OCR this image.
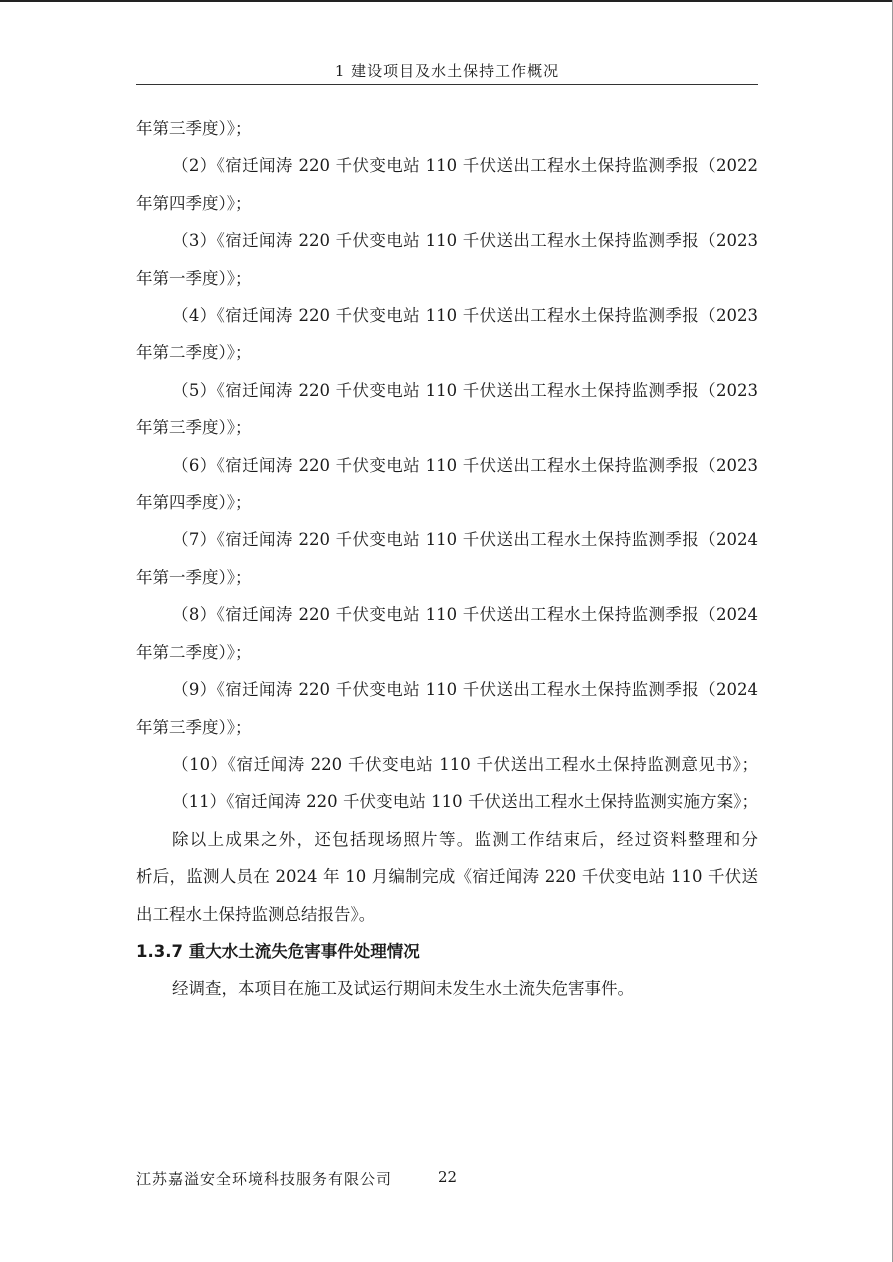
1 建设项目及水土保持工作概况
年第三季度）》；
（2）《宿迁闻涛 220 千伏变电站 110 千伏送出工程水土保持监测季报（2022
年第四季度）》；
（3）《宿迁闻涛 220 千伏变电站 110 千伏送出工程水土保持监测季报（2023
年第一季度）》；
（4）《宿迁闻涛 220 千伏变电站 110 千伏送出工程水土保持监测季报（2023
年第二季度）》；
（5）《宿迁闻涛 220 千伏变电站 110 千伏送出工程水土保持监测季报（2023
年第三季度）》；
（6）《宿迁闻涛 220 千伏变电站 110 千伏送出工程水土保持监测季报（2023
年第四季度）》；
（7）《宿迁闻涛 220 千伏变电站 110 千伏送出工程水土保持监测季报（2024
年第一季度）》；
（8）《宿迁闻涛 220 千伏变电站 110 千伏送出工程水土保持监测季报（2024
年第二季度）》；
（9）《宿迁闻涛 220 千伏变电站 110 千伏送出工程水土保持监测季报（2024
年第三季度）》；
（10）《宿迁闻涛 220 千伏变电站 110 千伏送出工程水土保持监测意见书》；
（11）《宿迁闻涛 220 千伏变电站 110 千伏送出工程水土保持监测实施方案》；
除以上成果之外，还包括现场照片等。监测工作结束后，经过资料整理和分
析后，监测人员在 2024 年 10 月编制完成《宿迁闻涛 220 千伏变电站 110 千伏送
出工程水土保持监测总结报告》。
1.3.7 重大水土流失危害事件处理情况
经调查，本项目在施工及试运行期间未发生水土流失危害事件。
江苏嘉溢安全环境科技服务有限公司	22
